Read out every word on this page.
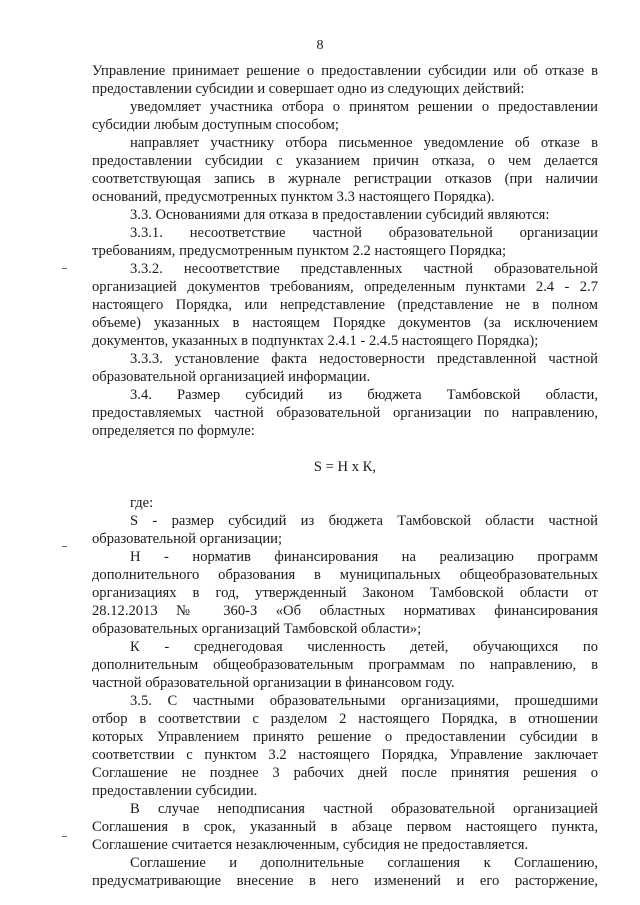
8
Управление принимает решение о предоставлении субсидии или об отказе в
предоставлении субсидии и совершает одно из следующих действий:
уведомляет участника отбора о принятом решении о предоставлении
субсидии любым доступным способом;
направляет участнику отбора письменное уведомление об отказе в
предоставлении субсидии с указанием причин отказа, о чем делается
соответствующая запись в журнале регистрации отказов (при наличии
оснований, предусмотренных пунктом 3.3 настоящего Порядка).
3.3. Основаниями для отказа в предоставлении субсидий являются:
3.3.1. несоответствие частной образовательной организации
требованиям, предусмотренным пунктом 2.2 настоящего Порядка;
3.3.2. несоответствие представленных частной образовательной
организацией документов требованиям, определенным пунктами 2.4 - 2.7
настоящего Порядка, или непредставление (представление не в полном
объеме) указанных в настоящем Порядке документов (за исключением
документов, указанных в подпунктах 2.4.1 - 2.4.5 настоящего Порядка);
3.3.3. установление факта недостоверности представленной частной
образовательной организацией информации.
3.4. Размер субсидий из бюджета Тамбовской области,
предоставляемых частной образовательной организации по направлению,
определяется по формуле:
S = Н х К,
где:
S - размер субсидий из бюджета Тамбовской области частной
образовательной организации;
Н - норматив финансирования на реализацию программ
дополнительного образования в муниципальных общеобразовательных
организациях в год, утвержденный Законом Тамбовской области от
28.12.2013 № 360-З «Об областных нормативах финансирования
образовательных организаций Тамбовской области»;
К - среднегодовая численность детей, обучающихся по
дополнительным общеобразовательным программам по направлению, в
частной образовательной организации в финансовом году.
3.5. С частными образовательными организациями, прошедшими
отбор в соответствии с разделом 2 настоящего Порядка, в отношении
которых Управлением принято решение о предоставлении субсидии в
соответствии с пунктом 3.2 настоящего Порядка, Управление заключает
Соглашение не позднее 3 рабочих дней после принятия решения о
предоставлении субсидии.
В случае неподписания частной образовательной организацией
Соглашения в срок, указанный в абзаце первом настоящего пункта,
Соглашение считается незаключенным, субсидия не предоставляется.
Соглашение и дополнительные соглашения к Соглашению,
предусматривающие внесение в него изменений и его расторжение,
